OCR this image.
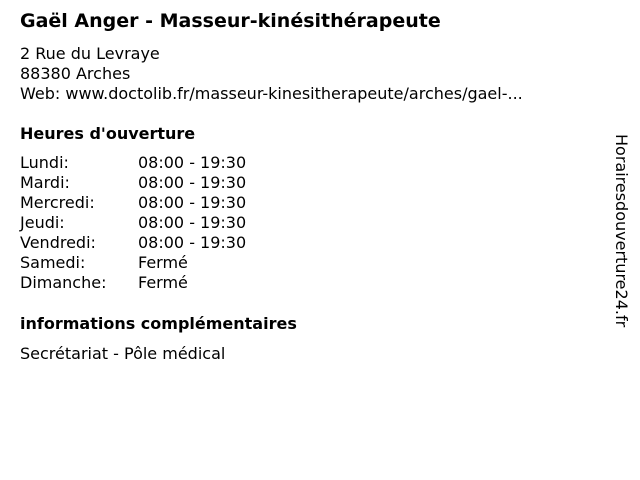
Gaël Anger - Masseur-kinésithérapeute
2 Rue du Levraye
88380 Arches
Web: www.doctolib.fr/masseur-kinesitherapeute/arches/gael-...
Heures d'ouverture
Lundi:	08:00 - 19:30
Mardi:	08:00 - 19:30
Mercredi:	08:00 - 19:30
Jeudi:	08:00 - 19:30
Vendredi:	08:00 - 19:30
Samedi:	Fermé
Dimanche:	Fermé
informations complémentaires
Secrétariat - Pôle médical
Horairesdouverture24.fr
